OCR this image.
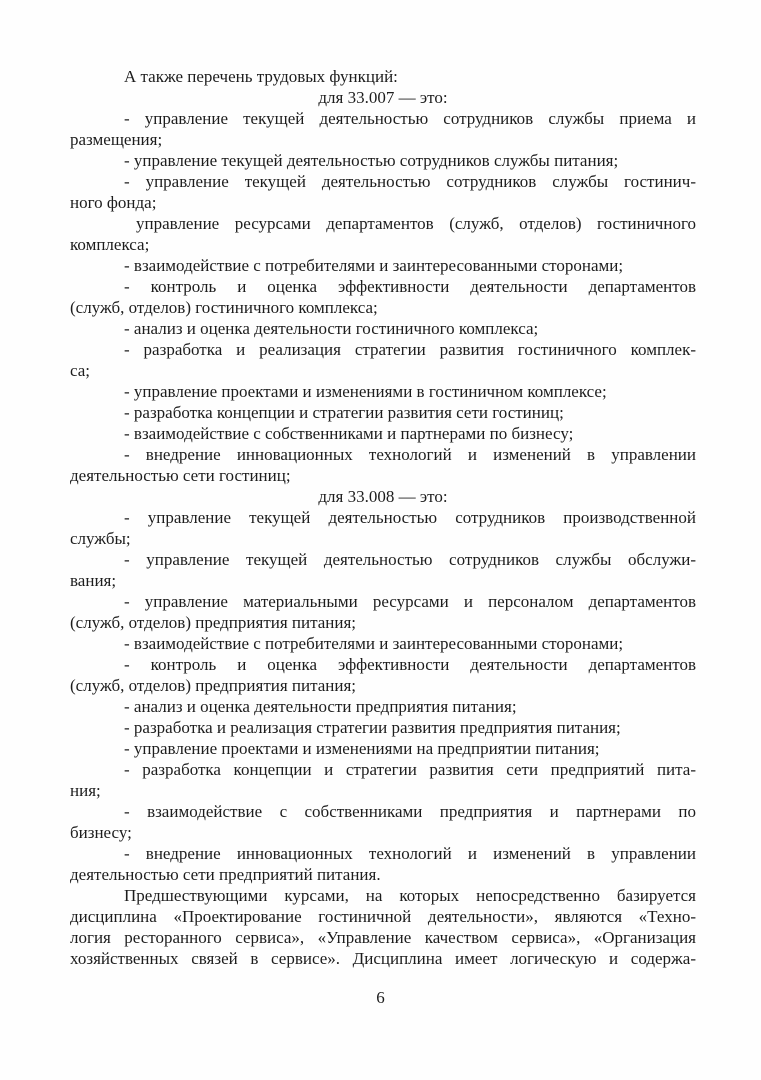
А также перечень трудовых функций:
для 33.007 — это:
- управление текущей деятельностью сотрудников службы приема и
размещения;
- управление текущей деятельностью сотрудников службы питания;
- управление текущей деятельностью сотрудников службы гостинич-
ного фонда;
управление ресурсами департаментов (служб, отделов) гостиничного
комплекса;
- взаимодействие с потребителями и заинтересованными сторонами;
- контроль и оценка эффективности деятельности департаментов
(служб, отделов) гостиничного комплекса;
- анализ и оценка деятельности гостиничного комплекса;
- разработка и реализация стратегии развития гостиничного комплек-
са;
- управление проектами и изменениями в гостиничном комплексе;
- разработка концепции и стратегии развития сети гостиниц;
- взаимодействие с собственниками и партнерами по бизнесу;
- внедрение инновационных технологий и изменений в управлении
деятельностью сети гостиниц;
для 33.008 — это:
- управление текущей деятельностью сотрудников производственной
службы;
- управление текущей деятельностью сотрудников службы обслужи-
вания;
- управление материальными ресурсами и персоналом департаментов
(служб, отделов) предприятия питания;
- взаимодействие с потребителями и заинтересованными сторонами;
- контроль и оценка эффективности деятельности департаментов
(служб, отделов) предприятия питания;
- анализ и оценка деятельности предприятия питания;
- разработка и реализация стратегии развития предприятия питания;
- управление проектами и изменениями на предприятии питания;
- разработка концепции и стратегии развития сети предприятий пита-
ния;
- взаимодействие с собственниками предприятия и партнерами по
бизнесу;
- внедрение инновационных технологий и изменений в управлении
деятельностью сети предприятий питания.
Предшествующими курсами, на которых непосредственно базируется
дисциплина «Проектирование гостиничной деятельности», являются «Техно-
логия ресторанного сервиса», «Управление качеством сервиса», «Организация
хозяйственных связей в сервисе». Дисциплина имеет логическую и содержа-
6
